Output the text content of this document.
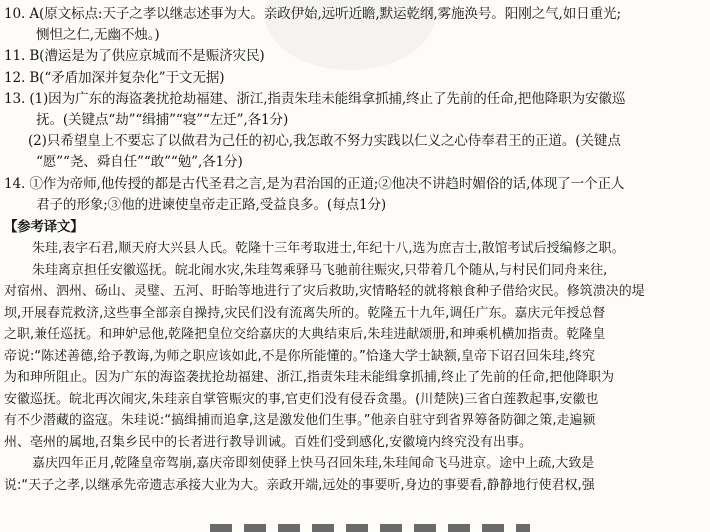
10. A(原文标点:天子之孝以继志述事为大。亲政伊始,远听近瞻,默运乾纲,雾施涣号。阳刚之气,如日重光;
恻怛之仁,无幽不烛。)
11. B(漕运是为了供应京城而不是赈济灾民)
12. B(“矛盾加深并复杂化”于文无据)
13. (1)因为广东的海盗袭扰抢劫福建、浙江,指责朱珪未能缉拿抓捕,终止了先前的任命,把他降职为安徽巡
抚。(关键点“劫”“缉捕”“寝”“左迁”,各1分)
(2)只希望皇上不要忘了以做君为己任的初心,我怎敢不努力实践以仁义之心侍奉君王的正道。(关键点
“愿”“尧、舜自任”“敢”“勉”,各1分)
14. ①作为帝师,他传授的都是古代圣君之言,是为君治国的正道;②他决不讲趋时媚俗的话,体现了一个正人
君子的形象;③他的进谏使皇帝走正路,受益良多。(每点1分)
【参考译文】
朱珪,表字石君,顺天府大兴县人氏。乾隆十三年考取进士,年纪十八,选为庶吉士,散馆考试后授编修之职。
朱珪离京担任安徽巡抚。皖北闹水灾,朱珪驾乘驿马飞驰前往赈灾,只带着几个随从,与村民们同舟来往,
对宿州、泗州、砀山、灵璧、五河、盱眙等地进行了灾后救助,灾情略轻的就将粮食种子借给灾民。修筑溃决的堤
坝,开展春荒救济,这些事全部亲自操持,灾民们没有流离失所的。乾隆五十九年,调任广东。嘉庆元年授总督
之职,兼任巡抚。和珅妒忌他,乾隆把皇位交给嘉庆的大典结束后,朱珪进献颂册,和珅乘机横加指责。乾隆皇
帝说:“陈述善德,给予教诲,为师之职应该如此,不是你所能懂的。”恰逢大学士缺额,皇帝下诏召回朱珪,终究
为和珅所阻止。因为广东的海盗袭扰抢劫福建、浙江,指责朱珪未能缉拿抓捕,终止了先前的任命,把他降职为
安徽巡抚。皖北再次闹灾,朱珪亲自掌管赈灾的事,官吏们没有侵吞贪墨。(川楚陕)三省白莲教起事,安徽也
有不少潜藏的盗寇。朱珪说:“搞缉捕而追拿,这是激发他们生事。”他亲自驻守到省界筹备防御之策,走遍颍
州、亳州的属地,召集乡民中的长者进行教导训诫。百姓们受到感化,安徽境内终究没有出事。
嘉庆四年正月,乾隆皇帝驾崩,嘉庆帝即刻使驿上快马召回朱珪,朱珪闻命飞马进京。途中上疏,大致是
说:“天子之孝,以继承先帝遗志承接大业为大。亲政开端,远处的事要听,身边的事要看,静静地行使君权,强
